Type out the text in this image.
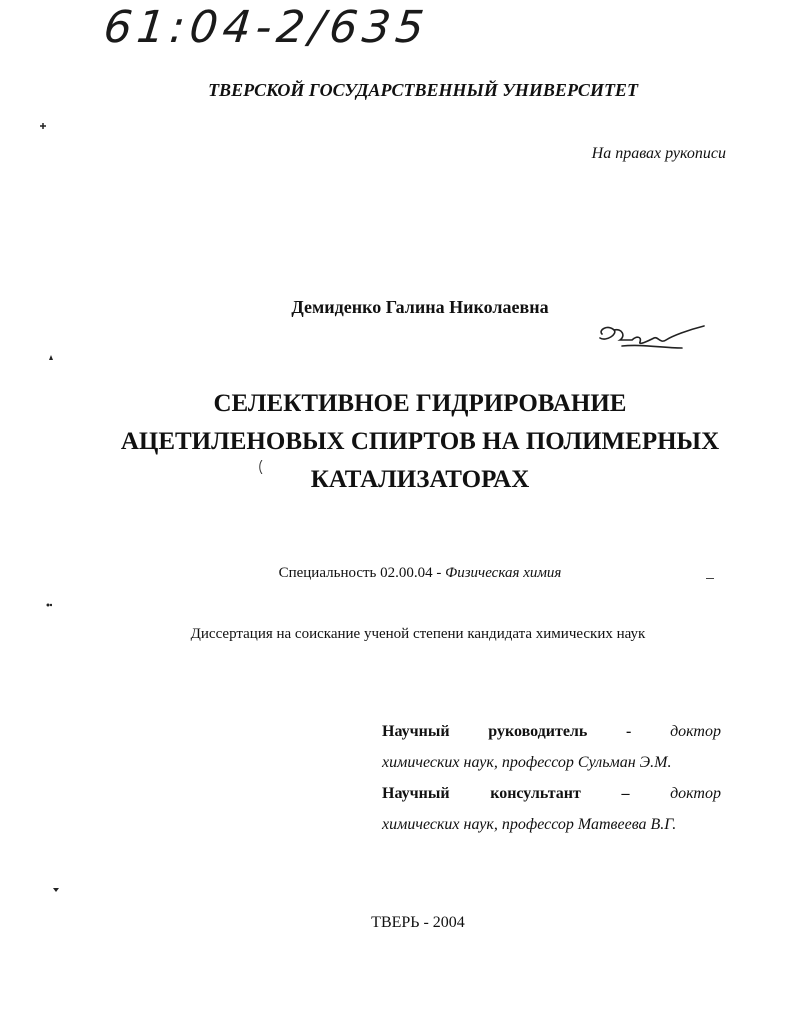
61:04-2/635
ТВЕРСКОЙ ГОСУДАРСТВЕННЫЙ УНИВЕРСИТЕТ
На правах рукописи
Демиденко Галина Николаевна
СЕЛЕКТИВНОЕ ГИДРИРОВАНИЕ
АЦЕТИЛЕНОВЫХ СПИРТОВ НА ПОЛИМЕРНЫХ
КАТАЛИЗАТОРАХ
Специальность 02.00.04 - Физическая химия
Диссертация на соискание ученой степени кандидата химических наук
Научный руководитель - доктор
химических наук, профессор Сульман Э.М.
Научный	консультант	–	доктор
химических наук, профессор Матвеева В.Г.
ТВЕРЬ - 2004
